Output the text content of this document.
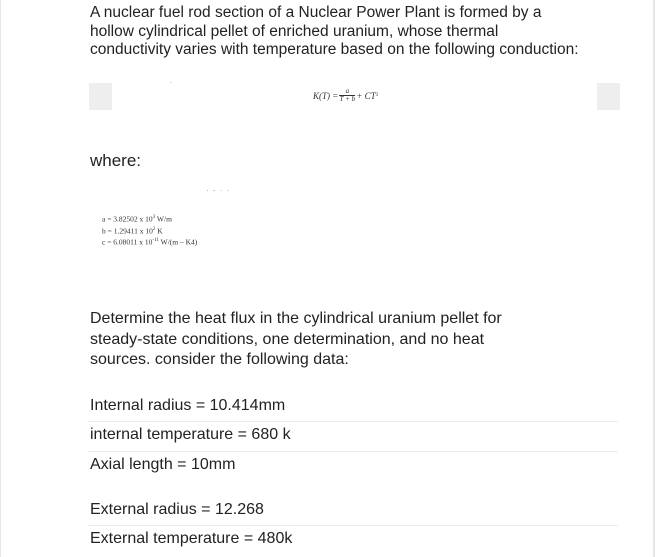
A nuclear fuel rod section of a Nuclear Power Plant is formed by a
hollow cylindrical pellet of enriched uranium, whose thermal
conductivity varies with temperature based on the following conduction:
‐
$K(T) = \frac{a}{T + b}$ + CT 3
where:
· ‐ · ·
a = 3.82502 x $10^3$ W/m
b = 1.29411 x $10^2$ K
c = 6.08011 x $10^{-11}$ W/(m – K4)
Determine the heat flux in the cylindrical uranium pellet for
steady-state conditions, one determination, and no heat
sources. consider the following data:
Internal radius = 10.414mm
internal temperature = 680 k
Axial length = 10mm
External radius = 12.268
External temperature = 480k
